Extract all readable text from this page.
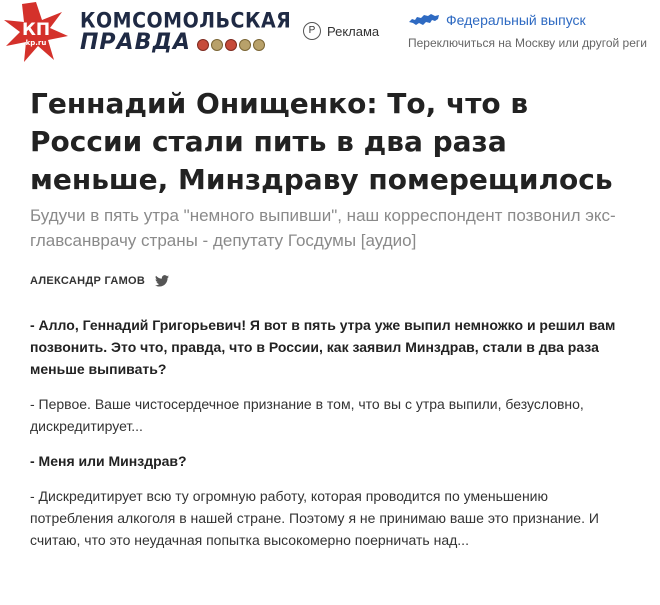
КП
kp.ru
КОМСОМОЛЬСКАЯ
ПРАВДА	Р Реклама
Федеральный выпуск
Переключиться на Москву или другой реги
Геннадий Онищенко: То, что в России стали пить в два раза меньше, Минздраву померещилось

Будучи в пять утра "немного выпивши", наш корреспондент позвонил экс-главсанврачу страны - депутату Госдумы [аудио]

АЛЕКСАНДР ГАМОВ

- Алло, Геннадий Григорьевич! Я вот в пять утра уже выпил немножко и решил вам позвонить. Это что, правда, что в России, как заявил Минздрав, стали в два раза меньше выпивать?

- Первое. Ваше чистосердечное признание в том, что вы с утра выпили, безусловно, дискредитирует...

- Меня или Минздрав?

- Дискредитирует всю ту огромную работу, которая проводится по уменьшению потребления алкоголя в нашей стране. Поэтому я не принимаю ваше это признание. И считаю, что это неудачная попытка высокомерно поерничать над...
